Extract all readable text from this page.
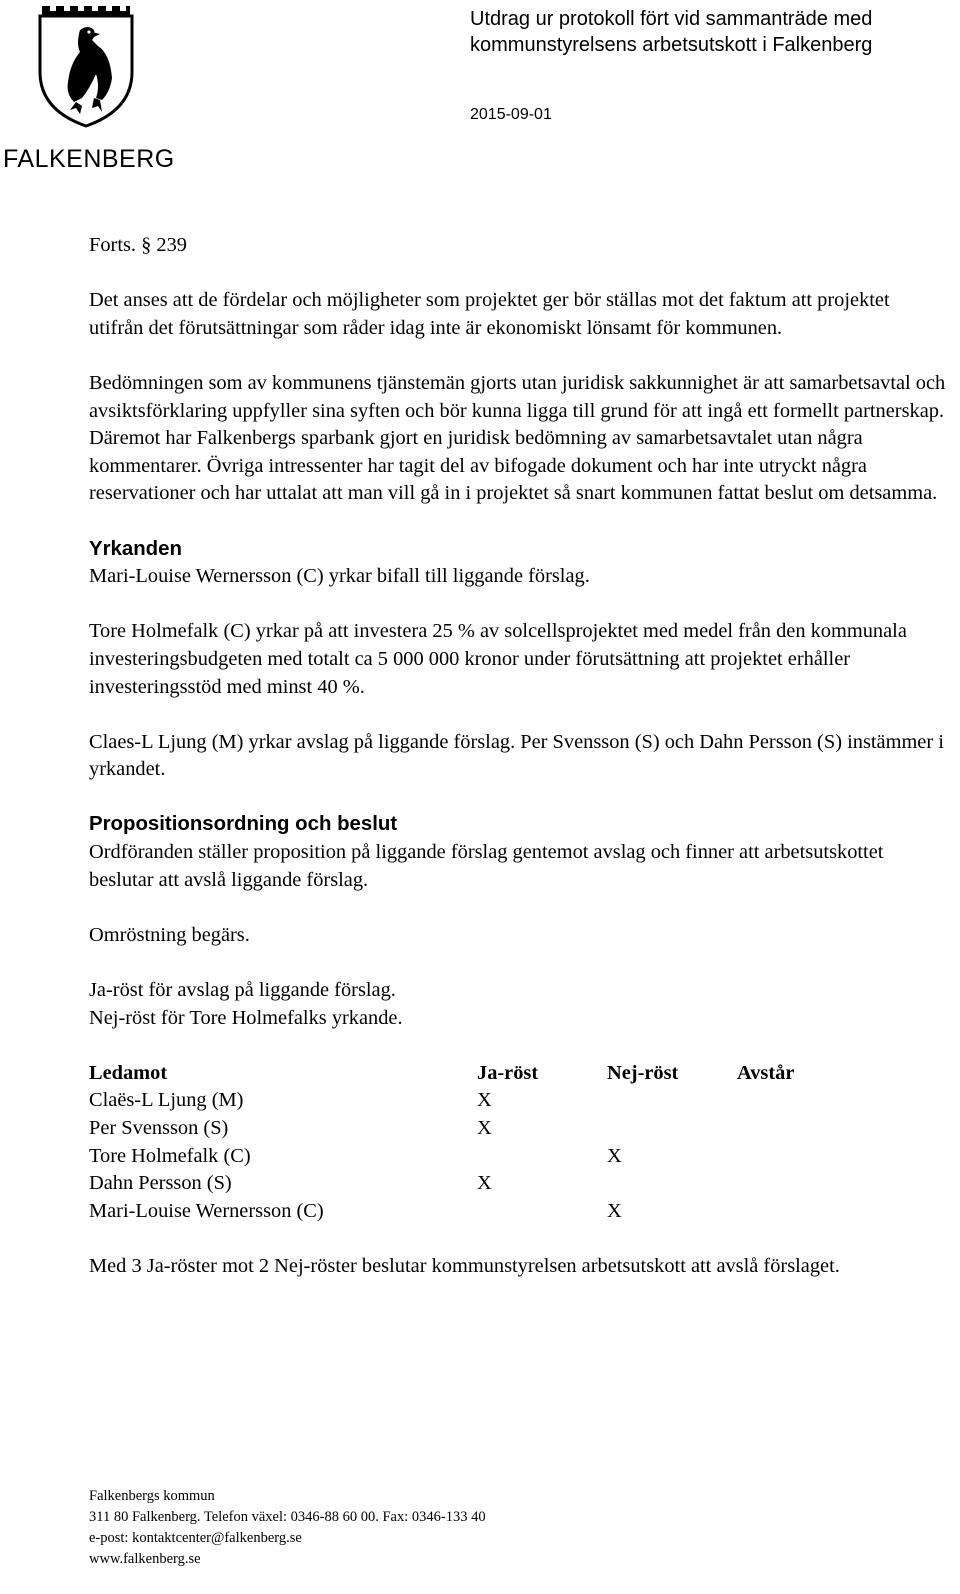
FALKENBERG
Utdrag ur protokoll fört vid sammanträde med
kommunstyrelsens arbetsutskott i Falkenberg
2015-09-01

Forts. § 239

Det anses att de fördelar och möjligheter som projektet ger bör ställas mot det faktum att projektet utifrån det förutsättningar som råder idag inte är ekonomiskt lönsamt för kommunen.

Bedömningen som av kommunens tjänstemän gjorts utan juridisk sakkunnighet är att samarbetsavtal och avsiktsförklaring uppfyller sina syften och bör kunna ligga till grund för att ingå ett formellt partnerskap. Däremot har Falkenbergs sparbank gjort en juridisk bedömning av samarbetsavtalet utan några kommentarer. Övriga intressenter har tagit del av bifogade dokument och har inte utryckt några reservationer och har uttalat att man vill gå in i projektet så snart kommunen fattat beslut om detsamma.

Yrkanden

Mari-Louise Wernersson (C) yrkar bifall till liggande förslag.

Tore Holmefalk (C) yrkar på att investera 25 % av solcellsprojektet med medel från den kommunala investeringsbudgeten med totalt ca 5 000 000 kronor under förutsättning att projektet erhåller investeringsstöd med minst 40 %.

Claes-L Ljung (M) yrkar avslag på liggande förslag. Per Svensson (S) och Dahn Persson (S) instämmer i yrkandet.

Propositionsordning och beslut

Ordföranden ställer proposition på liggande förslag gentemot avslag och finner att arbetsutskottet beslutar att avslå liggande förslag.

Omröstning begärs.

Ja-röst för avslag på liggande förslag.

Nej-röst för Tore Holmefalks yrkande.

Ledamot	Ja-röst	Nej-röst	Avstår
Claës-L Ljung (M)	X		
Per Svensson (S)	X		
Tore Holmefalk (C)		X	
Dahn Persson (S)	X		
Mari-Louise Wernersson (C)		X	

Med 3 Ja-röster mot 2 Nej-röster beslutar kommunstyrelsen arbetsutskott att avslå förslaget.

Falkenbergs kommun
311 80 Falkenberg. Telefon växel: 0346-88 60 00. Fax: 0346-133 40
e-post: kontaktcenter@falkenberg.se
www.falkenberg.se
